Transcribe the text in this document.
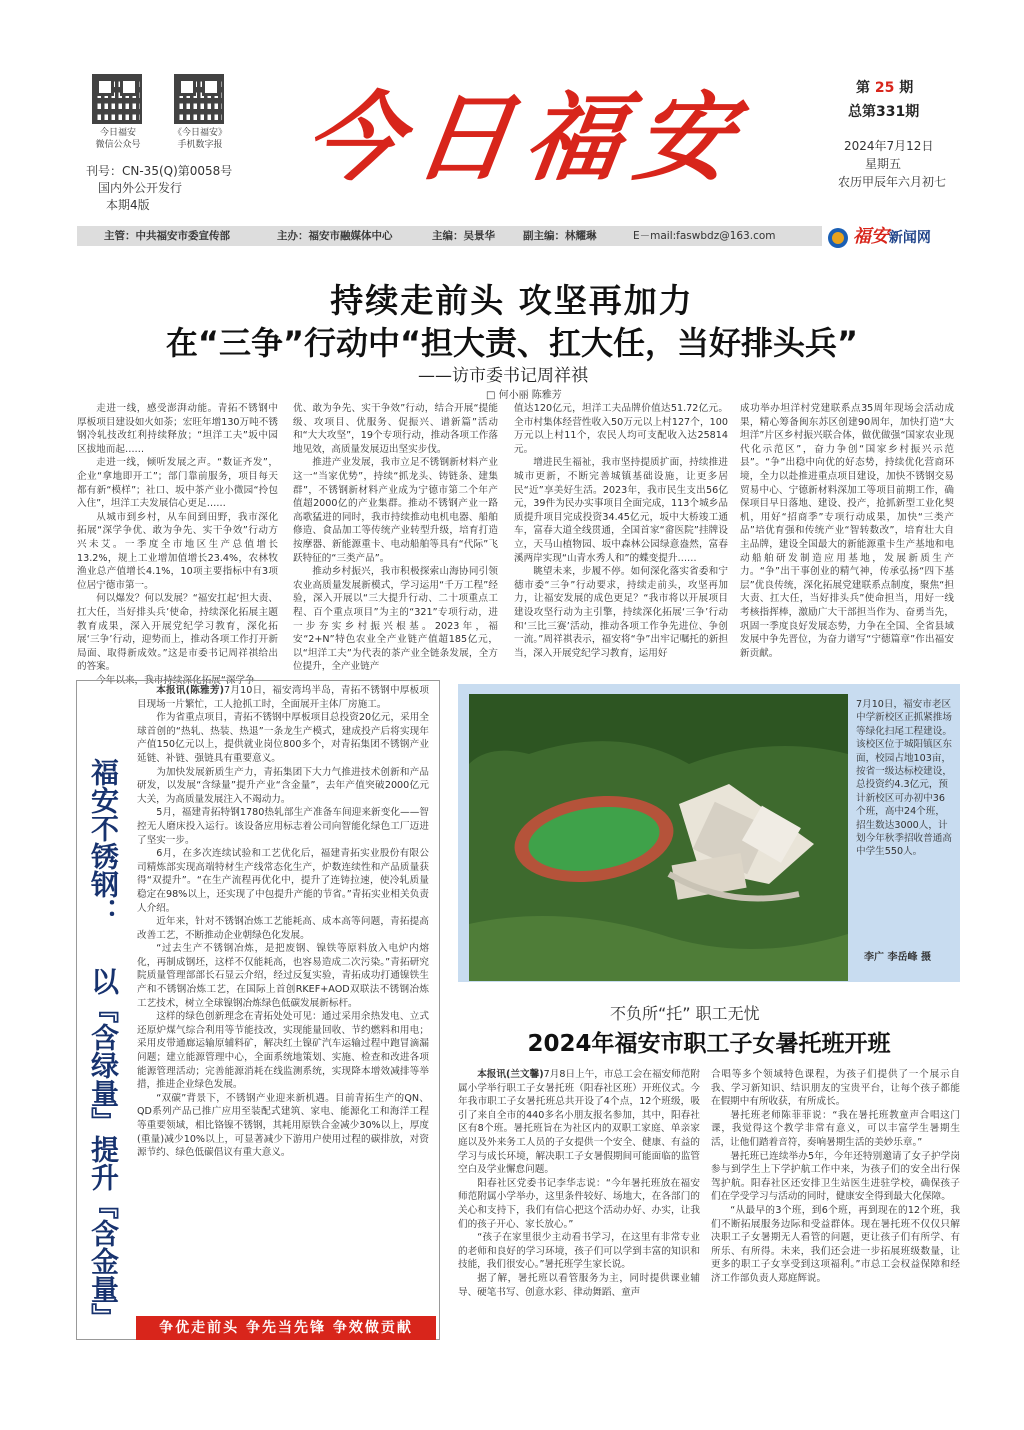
今日福安
微信公众号
《今日福安》
手机数字报
刊号：CN-35(Q)第0058号
国内外公开发行
本期4版
今日福安	第 25 期
总第331期
2024年7月12日
星期五
农历甲辰年六月初七
主管：中共福安市委宣传部	主办：福安市融媒体中心	主编：吴景华	副主编：林耀琳	E－mail:faswbdz@163.com	福安新闻网
持续走前头 攻坚再加力
在“三争”行动中“担大责、扛大任，当好排头兵”
——访市委书记周祥祺
□ 何小丽 陈雅芳

走进一线，感受澎湃动能。青拓不锈钢中厚板项目建设如火如荼；宏旺年增130万吨不锈钢冷轧技改红利持续释放；“坦洋工夫”坂中园区拔地而起……

走进一线，倾听发展之声。“数证齐发”，企业“拿地即开工”；部门靠前服务，项目每天都有新“模样”；社口、坂中茶产业小微园“拎包入住”，坦洋工夫发展信心更足……

从城市到乡村，从车间到田野，我市深化拓展“深学争优、敢为争先、实干争效”行动方兴未艾。一季度全市地区生产总值增长13.2%，规上工业增加值增长23.4%，农林牧渔业总产值增长4.1%，10项主要指标中有3项位居宁德市第一。

何以爆发？何以发展？“福安扛起‘担大责、扛大任，当好排头兵’使命，持续深化拓展主题教育成果，深入开展党纪学习教育，深化拓展‘三争’行动，迎势而上，推动各项工作打开新局面、取得新成效。”这是市委书记周祥祺给出的答案。

今年以来，我市持续深化拓展“深学争

优、敢为争先、实干争效”行动，结合开展“提能级、攻项目、优服务、促振兴、谱新篇”活动和“大大攻坚”，19个专项行动，推动各项工作落地见效，高质量发展迈出坚实步伐。

推进产业发展，我市立足不锈钢新材料产业这一“当家优势”，持续“抓龙头、铸链条、建集群”，不锈钢新材料产业成为宁德市第二个年产值超2000亿的产业集群。推动不锈钢产业一路高歌猛进的同时，我市持续推动电机电器、船舶修造、食品加工等传统产业转型升级，培育打造按摩器、新能源重卡、电动船舶等具有“代际”飞跃特征的“三类产品”。

推动乡村振兴，我市积极探索山海协同引领农业高质量发展新模式，学习运用“千万工程”经验，深入开展以“三大提升行动、二十项重点工程、百个重点项目”为主的“321”专项行动，进一步夯实乡村振兴根基。2023年，福安“2+N”特色农业全产业链产值超185亿元，以“坦洋工夫”为代表的茶产业全链条发展，全方位提升，全产业链产

值达120亿元，坦洋工夫品牌价值达51.72亿元。全市村集体经营性收入50万元以上村127个，100万元以上村11个，农民人均可支配收入达25814元。

增进民生福祉，我市坚持提质扩面，持续推进城市更新，不断完善城镇基础设施，让更多居民“近”享美好生活。2023年，我市民生支出56亿元，39件为民办实事项目全面完成，113个城乡品质提升项目完成投资34.45亿元，坂中大桥竣工通车，富春大道全线贯通，全国首家“畲医院”挂牌设立，天马山植物园、坂中森林公园绿意盎然，富春溪两岸实现“山青水秀人和”的蝶变提升……

眺望未来，步履不停。如何深化落实省委和宁德市委“三争”行动要求，持续走前头，攻坚再加力，让福安发展的成色更足？“我市将以开展项目建设攻坚行动为主引擎，持续深化拓展‘三争’行动和‘三比三赛’活动，推动各项工作争先进位、争创一流。”周祥祺表示，福安将“争”出牢记嘱托的新担当，深入开展党纪学习教育，运用好

成功举办坦洋村党建联系点35周年现场会活动成果，精心筹备闽东苏区创建90周年，加快打造“大坦洋”片区乡村振兴联合体，做优做强“国家农业现代化示范区”，奋力争创“国家乡村振兴示范县”。“争”出稳中向优的好态势，持续优化营商环境，全力以赴推进重点项目建设，加快不锈钢交易贸易中心、宁德新材料深加工等项目前期工作，确保项目早日落地、建设、投产，抢抓新型工业化契机，用好“招商季”专项行动成果，加快“三类产品”培优育强和传统产业“智转数改”，培育壮大自主品牌，建设全国最大的新能源重卡生产基地和电动船舶研发制造应用基地，发展新质生产力。“争”出干事创业的精气神，传承弘扬“四下基层”优良传统，深化拓展党建联系点制度，聚焦“担大责、扛大任，当好排头兵”使命担当，用好一线考核指挥棒，激励广大干部担当作为、奋勇当先，巩固一季度良好发展态势，力争在全国、全省县域发展中争先晋位，为奋力谱写“宁德篇章”作出福安新贡献。

福安不锈钢：
以『含绿量』提升『含金量』

本报讯(陈雅芳)7月10日，福安湾坞半岛，青拓不锈钢中厚板项目现场一片繁忙，工人抢抓工时，全面展开主体厂房施工。

作为省重点项目，青拓不锈钢中厚板项目总投资20亿元，采用全球首创的“热轧、热装、热退”一条龙生产模式，建成投产后将实现年产值150亿元以上，提供就业岗位800多个，对青拓集团不锈钢产业延链、补链、强链具有重要意义。

为加快发展新质生产力，青拓集团下大力气推进技术创新和产品研发，以发展“含绿量”提升产业“含金量”，去年产值突破2000亿元大关，为高质量发展注入不竭动力。

5月，福建青拓特钢1780热轧部生产准备车间迎来新变化——智控无人磨床投入运行。该设备应用标志着公司向智能化绿色工厂迈进了坚实一步。

6月，在多次连续试验和工艺优化后，福建青拓实业股份有限公司精炼部实现高端特材生产线常态化生产，炉数连续性和产品质量获得“双提升”。“在生产流程再优化中，提升了连铸拉速，使冷轧质量稳定在98%以上，还实现了中包提升产能的节省。”青拓实业相关负责人介绍。

近年来，针对不锈钢冶炼工艺能耗高、成本高等问题，青拓提高改善工艺，不断推动企业朝绿色化发展。

“过去生产不锈钢冶炼，是把废钢、镍铁等原料放入电炉内熔化，再制成钢坯，这样不仅能耗高，也容易造成二次污染。”青拓研究院质量管理部部长石显云介绍，经过反复实验，青拓成功打通镍铁生产和不锈钢冶炼工艺，在国际上首创RKEF+AOD双联法不锈钢冶炼工艺技术，树立全球镍钢冶炼绿色低碳发展新标杆。

这样的绿色创新理念在青拓处处可见：通过采用余热发电、立式还原炉煤气综合利用等节能技改，实现能量回收、节约燃料和用电；采用皮带通廊运输原辅料矿，解决红土镍矿汽车运输过程中跑冒滴漏问题；建立能源管理中心，全面系统地策划、实施、检查和改进各项能源管理活动；完善能源消耗在线监测系统，实现降本增效减排等举措，推进企业绿色发展。

“双碳”背景下，不锈钢产业迎来新机遇。目前青拓生产的QN、QD系列产品已推广应用至装配式建筑、家电、能源化工和海洋工程等重要领域，相比铬镍不锈钢，其耗用原铁合金减少30%以上，厚度(重量)减少10%以上，可显著减少下游用户使用过程的碳排放，对资源节约、绿色低碳倡议有重大意义。

争优走前头 争先当先锋 争效做贡献
7月10日，福安市老区中学新校区正抓紧推场等绿化扫尾工程建设。该校区位于城阳镇区东面，校园占地103亩，按省一级达标校建设，总投资约4.3亿元，预计新校区可办初中36个班，高中24个班，招生数达3000人，计划今年秋季招收普通高中学生550人。
李广 李岳峰 摄
不负所“托” 职工无忧
2024年福安市职工子女暑托班开班

本报讯(兰文馨)7月8日上午，市总工会在福安师范附属小学举行职工子女暑托班（阳春社区班）开班仪式。今年我市职工子女暑托班总共开设了4个点，12个班级，吸引了来自全市的440多名小朋友报名参加，其中，阳春社区有8个班。暑托班旨在为社区内的双职工家庭、单亲家庭以及外来务工人员的子女提供一个安全、健康、有益的学习与成长环境，解决职工子女暑假期间可能面临的监管空白及学业懈怠问题。

阳春社区党委书记李华志说：“今年暑托班放在福安师范附属小学举办，这里条件较好、场地大，在各部门的关心和支持下，我们有信心把这个活动办好、办实，让我们的孩子开心、家长放心。”

“孩子在家里很少主动看书学习，在这里有非常专业的老师和良好的学习环境，孩子们可以学到丰富的知识和技能，我们很安心。”暑托班学生家长说。

据了解，暑托班以看管服务为主，同时提供课业辅导、硬笔书写、创意水彩、律动舞蹈、童声

合唱等多个领域特色课程，为孩子们提供了一个展示自我、学习新知识、结识朋友的宝贵平台，让每个孩子都能在假期中有所收获，有所成长。

暑托班老师陈菲菲说：“我在暑托班教童声合唱这门课，我觉得这个教学非常有意义，可以丰富学生暑期生活，让他们踏着音符，奏响暑期生活的美妙乐章。”

暑托班已连续举办5年，今年还特别邀请了女子护学岗参与到学生上下学护航工作中来，为孩子们的安全出行保驾护航。阳春社区还安排卫生站医生进驻学校，确保孩子们在学受学习与活动的同时，健康安全得到最大化保障。

“从最早的3个班，到6个班，再到现在的12个班，我们不断拓展服务边际和受益群体。现在暑托班不仅仅只解决职工子女暑期无人看管的问题，更让孩子们有所学、有所乐、有所得。未来，我们还会进一步拓展班级数量，让更多的职工子女享受到这项福利。”市总工会权益保障和经济工作部负责人郑庭辉说。
